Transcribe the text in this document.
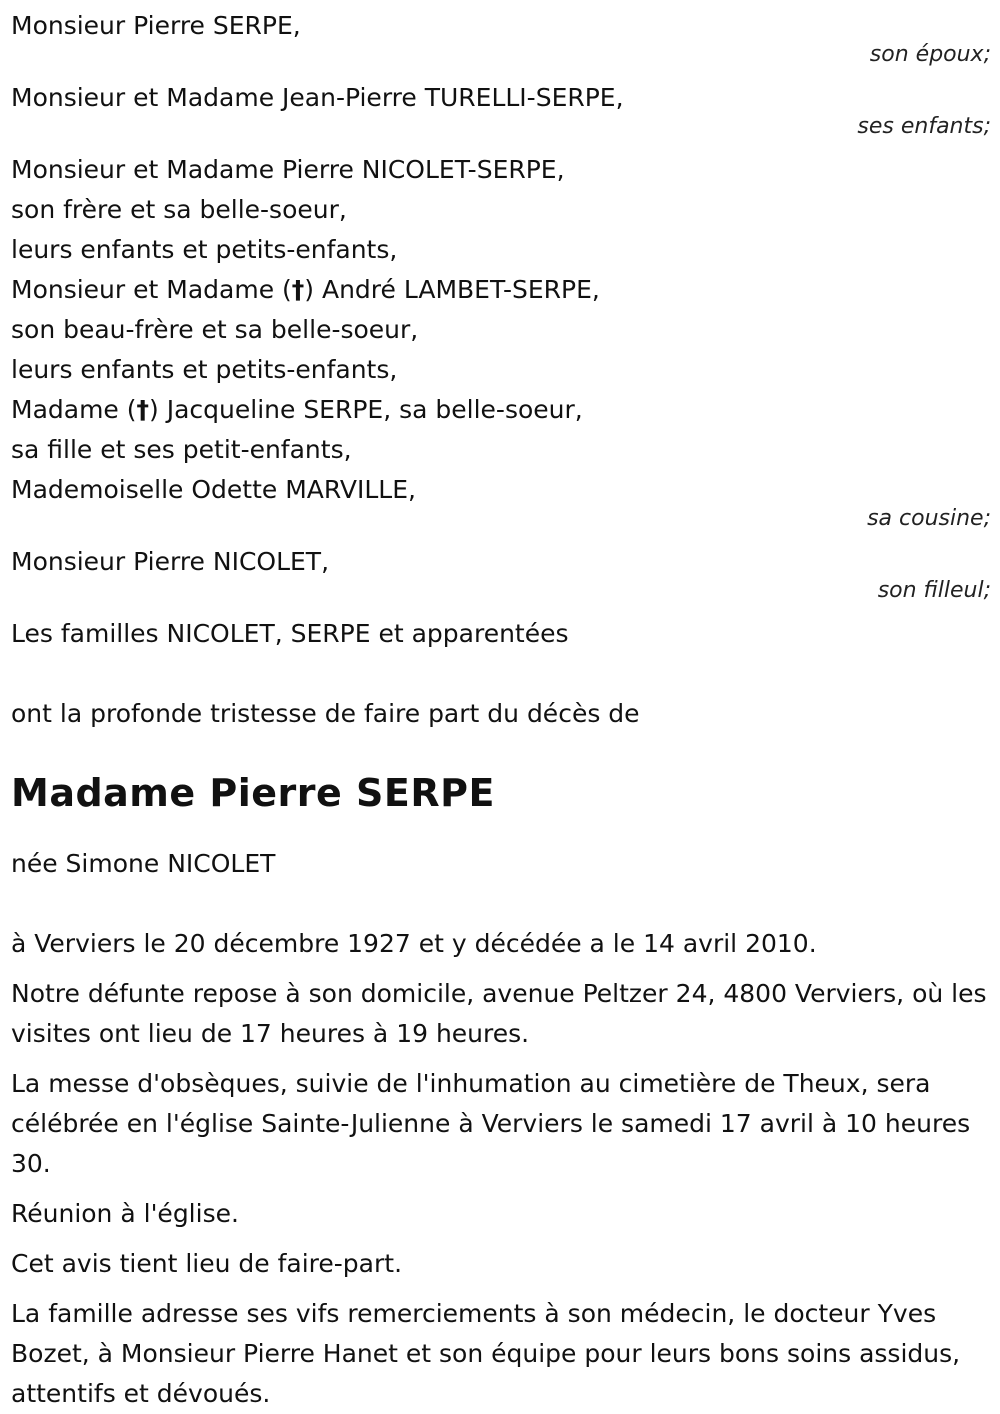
Monsieur Pierre SERPE,
son époux;
Monsieur et Madame Jean-Pierre TURELLI-SERPE,
ses enfants;
Monsieur et Madame Pierre NICOLET-SERPE,
son frère et sa belle-soeur,
leurs enfants et petits-enfants,
Monsieur et Madame (†) André LAMBET-SERPE,
son beau-frère et sa belle-soeur,
leurs enfants et petits-enfants,
Madame (†) Jacqueline SERPE, sa belle-soeur,
sa fille et ses petit-enfants,
Mademoiselle Odette MARVILLE,
sa cousine;
Monsieur Pierre NICOLET,
son filleul;
Les familles NICOLET, SERPE et apparentées
ont la profonde tristesse de faire part du décès de
Madame Pierre SERPE
née Simone NICOLET

à Verviers le 20 décembre 1927 et y décédée a le 14 avril 2010.

Notre défunte repose à son domicile, avenue Peltzer 24, 4800 Verviers, où les visites ont lieu de 17 heures à 19 heures.

La messe d'obsèques, suivie de l'inhumation au cimetière de Theux, sera célébrée en l'église Sainte-Julienne à Verviers le samedi 17 avril à 10 heures 30.

Réunion à l'église.

Cet avis tient lieu de faire-part.

La famille adresse ses vifs remerciements à son médecin, le docteur Yves Bozet, à Monsieur Pierre Hanet et son équipe pour leurs bons soins assidus, attentifs et dévoués.
